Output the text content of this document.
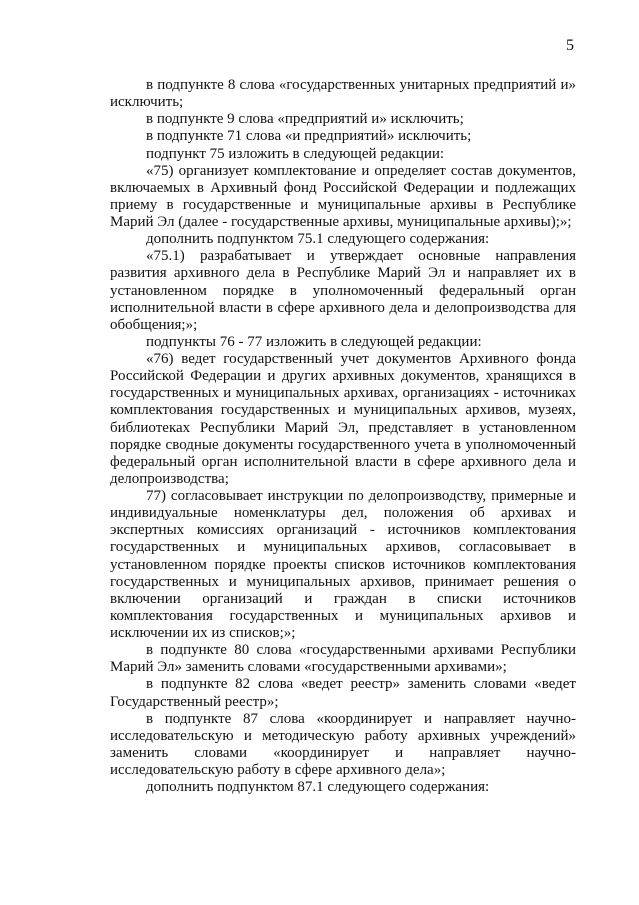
5

в подпункте 8 слова «государственных унитарных предприятий и» исключить;

в подпункте 9 слова «предприятий и» исключить;

в подпункте 71 слова «и предприятий» исключить;

подпункт 75 изложить в следующей редакции:

«75) организует комплектование и определяет состав документов, включаемых в Архивный фонд Российской Федерации и подлежащих приему в государственные и муниципальные архивы в Республике Марий Эл (далее - государственные архивы, муниципальные архивы);»;

дополнить подпунктом 75.1 следующего содержания:

«75.1) разрабатывает и утверждает основные направления развития архивного дела в Республике Марий Эл и направляет их в установленном порядке в уполномоченный федеральный орган исполнительной власти в сфере архивного дела и делопроизводства для обобщения;»;

подпункты 76 - 77 изложить в следующей редакции:

«76) ведет государственный учет документов Архивного фонда Российской Федерации и других архивных документов, хранящихся в государственных и муниципальных архивах, организациях - источниках комплектования государственных и муниципальных архивов, музеях, библиотеках Республики Марий Эл, представляет в установленном порядке сводные документы государственного учета в уполномоченный федеральный орган исполнительной власти в сфере архивного дела и делопроизводства;

77) согласовывает инструкции по делопроизводству, примерные и индивидуальные номенклатуры дел, положения об архивах и экспертных комиссиях организаций - источников комплектования государственных и муниципальных архивов, согласовывает в установленном порядке проекты списков источников комплектования государственных и муниципальных архивов, принимает решения о включении организаций и граждан в списки источников комплектования государственных и муниципальных архивов и исключении их из списков;»;

в подпункте 80 слова «государственными архивами Республики Марий Эл» заменить словами «государственными архивами»;

в подпункте 82 слова «ведет реестр» заменить словами «ведет Государственный реестр»;

в подпункте 87 слова «координирует и направляет научно-исследовательскую и методическую работу архивных учреждений» заменить словами «координирует и направляет научно-исследовательскую работу в сфере архивного дела»;

дополнить подпунктом 87.1 следующего содержания:
